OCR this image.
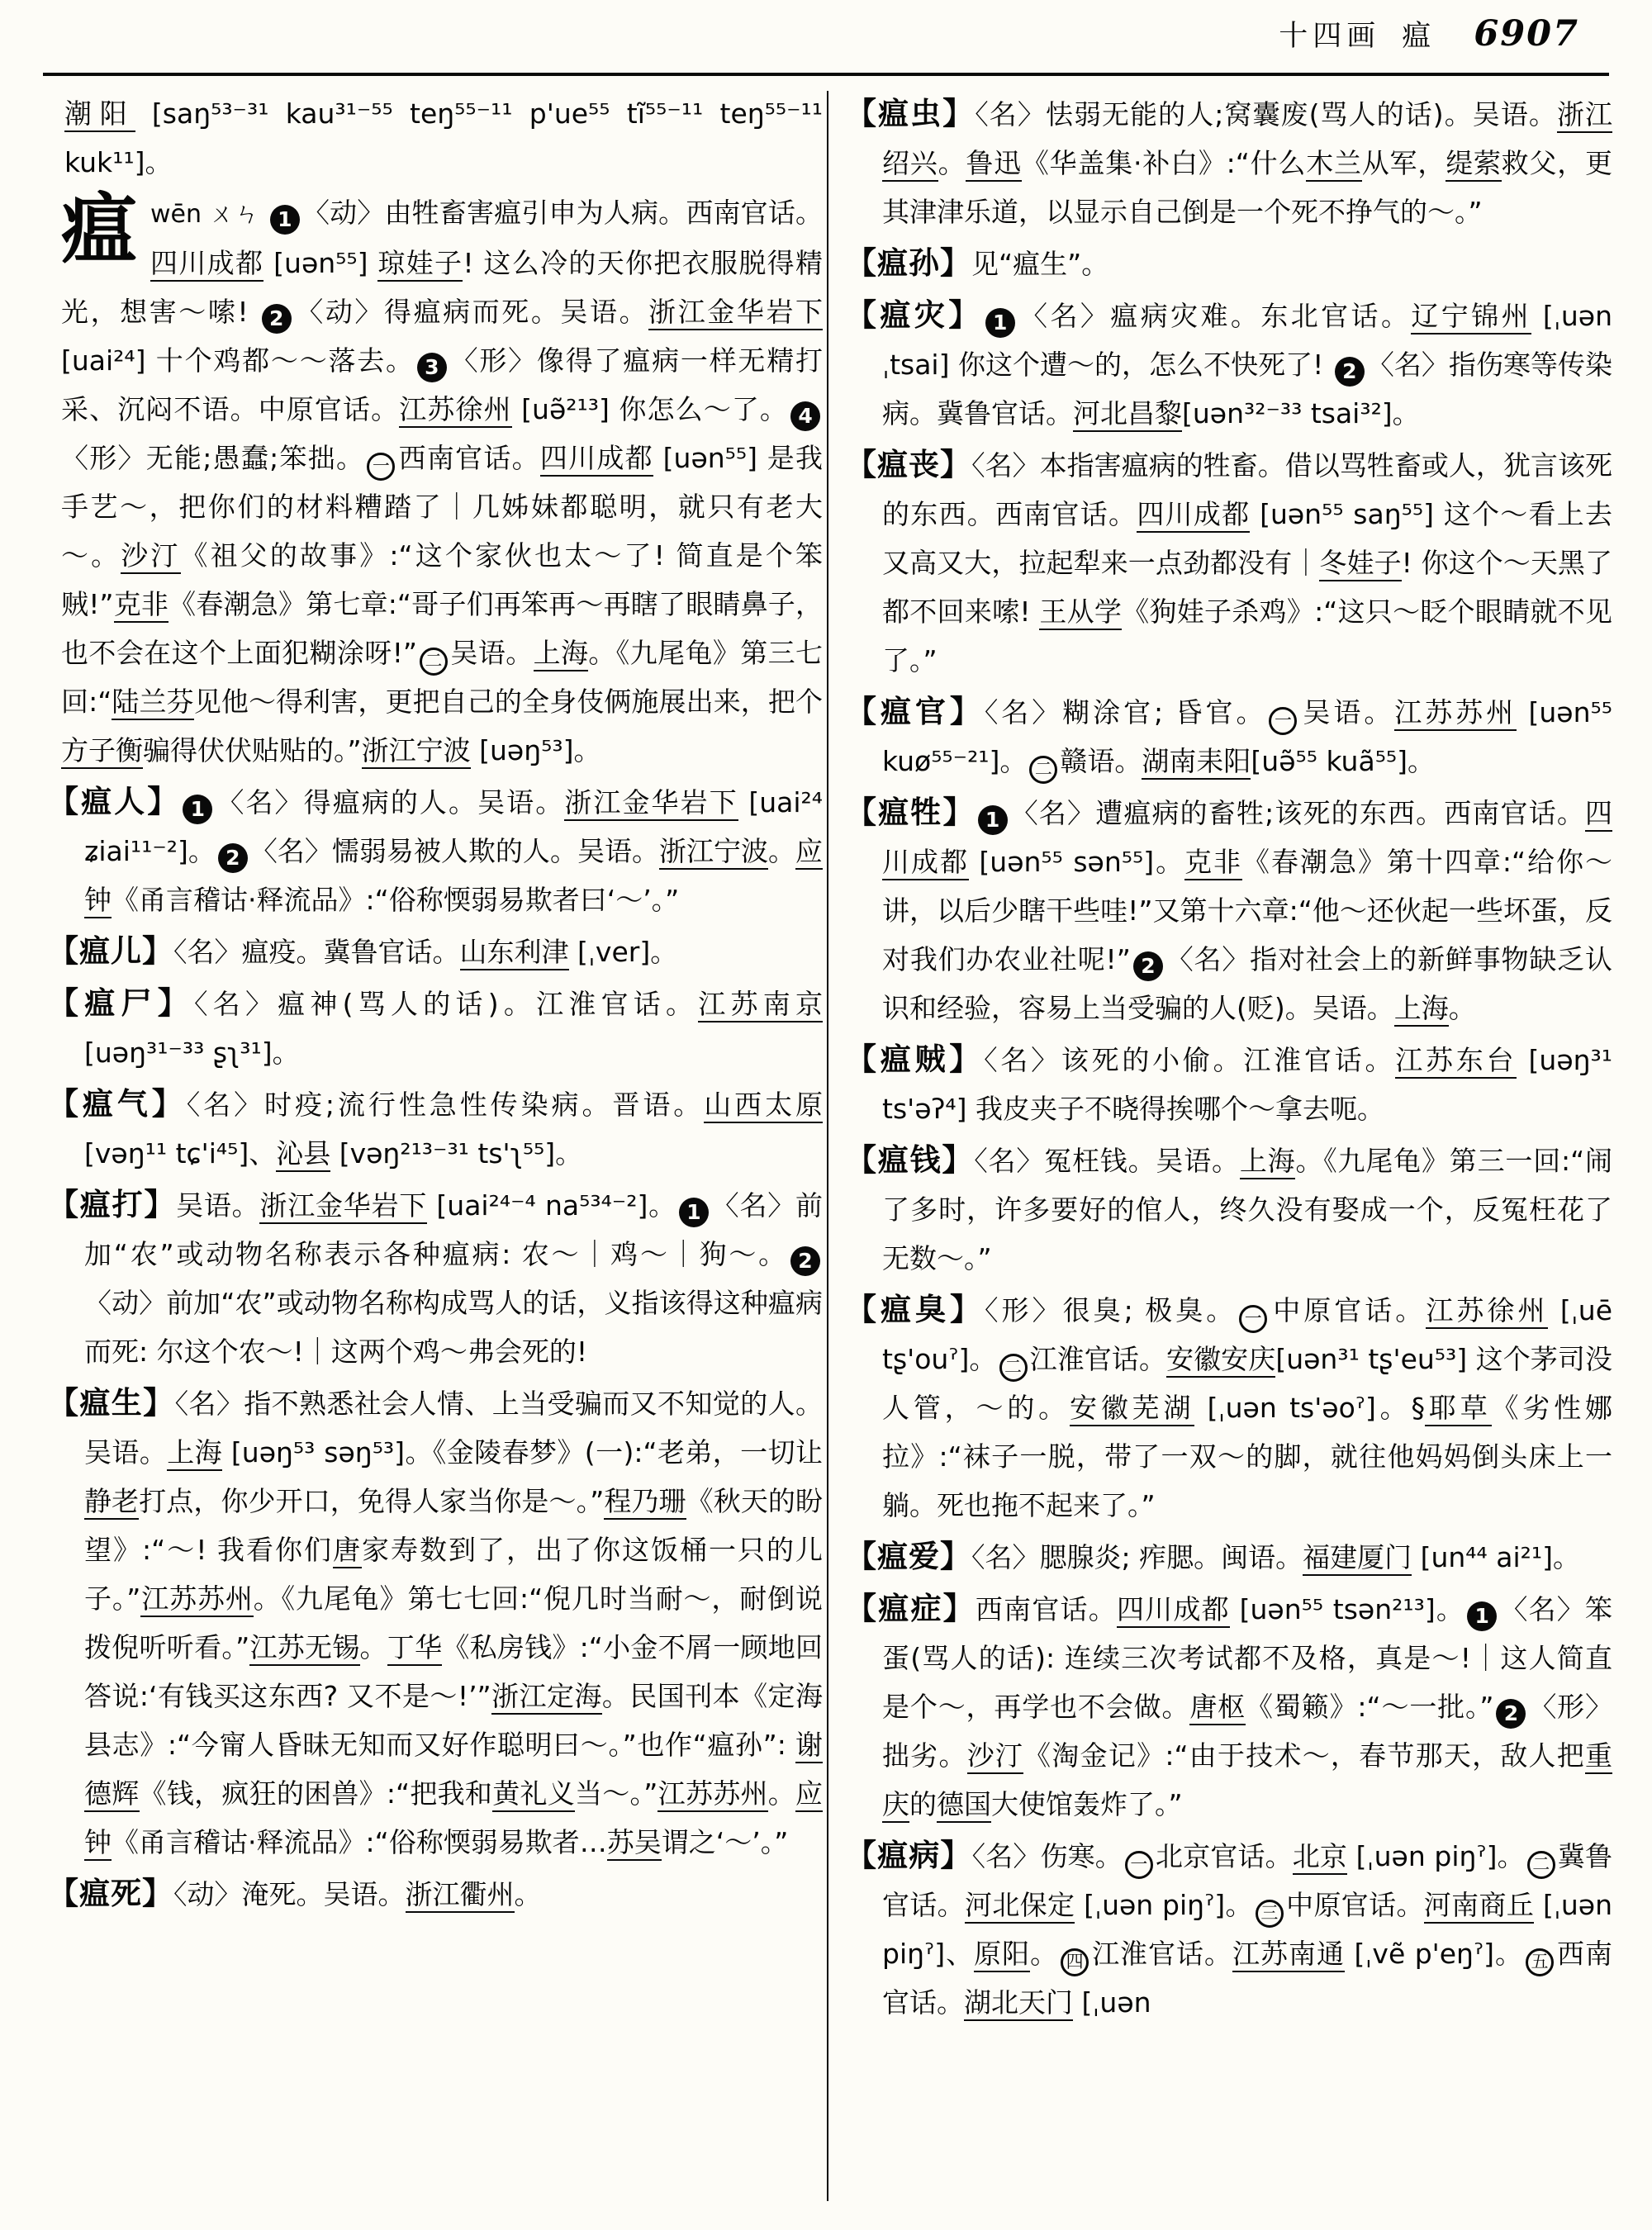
十四画 瘟 6907

潮阳 [saŋ⁵³⁻³¹ kau³¹⁻⁵⁵ teŋ⁵⁵⁻¹¹ p'ue⁵⁵ tĩ⁵⁵⁻¹¹ teŋ⁵⁵⁻¹¹ kuk¹¹]。

瘟wēn ㄨㄣ 1 〈动〉由牲畜害瘟引申为人病。西南官话。四川成都 [uən⁵⁵] 琼娃子! 这么冷的天你把衣服脱得精光，想害～嗦! 2 〈动〉得瘟病而死。吴语。浙江金华岩下 [uai²⁴] 十个鸡都～～落去。 3 〈形〉像得了瘟病一样无精打采、沉闷不语。中原官话。江苏徐州 [uə̃²¹³] 你怎么～了。 4〈形〉无能;愚蠢;笨拙。 一 西南官话。四川成都 [uən⁵⁵] 是我手艺～，把你们的材料糟踏了｜几姊妹都聪明，就只有老大～。沙汀《祖父的故事》:“这个家伙也太～了! 简直是个笨贼!”克非《春潮急》第七章:“哥子们再笨再～再瞎了眼睛鼻子，也不会在这个上面犯糊涂呀!” 二 吴语。上海。《九尾龟》第三七回:“陆兰芬见他～得利害，更把自己的全身伎俩施展出来，把个方子衡骗得伏伏贴贴的。”浙江宁波 [uəŋ⁵³]。

【瘟人】 1 〈名〉得瘟病的人。吴语。浙江金华岩下 [uai²⁴ ʑiai¹¹⁻²]。 2 〈名〉懦弱易被人欺的人。吴语。浙江宁波。应钟《甬言稽诂·释流品》:“俗称愞弱易欺者曰‘～’。”

【瘟儿】〈名〉瘟疫。冀鲁官话。山东利津 [ˌver]。

【瘟尸】〈名〉瘟神(骂人的话)。江淮官话。江苏南京 [uəŋ³¹⁻³³ ʂʅ³¹]。

【瘟气】〈名〉时疫;流行性急性传染病。晋语。山西太原 [vəŋ¹¹ tɕ'i⁴⁵]、沁县 [vəŋ²¹³⁻³¹ ts'ʅ⁵⁵]。

【瘟打】吴语。浙江金华岩下 [uai²⁴⁻⁴ na⁵³⁴⁻²]。 1 〈名〉前加“农”或动物名称表示各种瘟病: 农～｜鸡～｜狗～。 2〈动〉前加“农”或动物名称构成骂人的话，义指该得这种瘟病而死: 尔这个农～!｜这两个鸡～弗会死的!

【瘟生】〈名〉指不熟悉社会人情、上当受骗而又不知觉的人。吴语。上海 [uəŋ⁵³ səŋ⁵³]。《金陵春梦》(一):“老弟，一切让静老打点，你少开口，免得人家当你是～。”程乃珊《秋天的盼望》:“～! 我看你们唐家寿数到了，出了你这饭桶一只的儿子。”江苏苏州。《九尾龟》第七七回:“倪几时当耐～，耐倒说拨倪听听看。”江苏无锡。丁华《私房钱》:“小金不屑一顾地回答说:‘有钱买这东西? 又不是～!’”浙江定海。民国刊本《定海县志》:“今甯人昏昧无知而又好作聪明曰～。”也作“瘟孙”: 谢德辉《钱，疯狂的困兽》:“把我和黄礼义当～。”江苏苏州。应钟《甬言稽诂·释流品》:“俗称愞弱易欺者…苏吴谓之‘～’。”

【瘟死】〈动〉淹死。吴语。浙江衢州。

【瘟虫】〈名〉怯弱无能的人;窝囊废(骂人的话)。吴语。浙江绍兴。鲁迅《华盖集·补白》:“什么木兰从军，缇萦救父，更其津津乐道，以显示自己倒是一个死不挣气的～。”

【瘟孙】见“瘟生”。

【瘟灾】 1 〈名〉瘟病灾难。东北官话。辽宁锦州 [ˌuən ˌtsai] 你这个遭～的，怎么不快死了! 2 〈名〉指伤寒等传染病。冀鲁官话。河北昌黎[uən³²⁻³³ tsai³²]。

【瘟丧】〈名〉本指害瘟病的牲畜。借以骂牲畜或人，犹言该死的东西。西南官话。四川成都 [uən⁵⁵ saŋ⁵⁵] 这个～看上去又高又大，拉起犁来一点劲都没有｜冬娃子! 你这个～天黑了都不回来嗦! 王从学《狗娃子杀鸡》:“这只～眨个眼睛就不见了。”

【瘟官】〈名〉糊涂官; 昏官。 一 吴语。江苏苏州 [uən⁵⁵ kuø⁵⁵⁻²¹]。 二 赣语。湖南耒阳[uə̃⁵⁵ kuã⁵⁵]。

【瘟牲】 1 〈名〉遭瘟病的畜牲;该死的东西。西南官话。四川成都 [uən⁵⁵ sən⁵⁵]。克非《春潮急》第十四章:“给你～讲，以后少瞎干些哇!”又第十六章:“他～还伙起一些坏蛋，反对我们办农业社呢!” 2 〈名〉指对社会上的新鲜事物缺乏认识和经验，容易上当受骗的人(贬)。吴语。上海。

【瘟贼】〈名〉该死的小偷。江淮官话。江苏东台 [uəŋ³¹ ts'əʔ⁴] 我皮夹子不晓得挨哪个～拿去呃。

【瘟钱】〈名〉冤枉钱。吴语。上海。《九尾龟》第三一回:“闹了多时，许多要好的倌人，终久没有娶成一个，反冤枉花了无数～。”

【瘟臭】〈形〉很臭; 极臭。 一 中原官话。江苏徐州 [ˌuē tʂ'ouˀ]。 二 江淮官话。安徽安庆[uən³¹ tʂ'eu⁵³] 这个茅司没人管，～的。安徽芜湖 [ˌuən ts'əoˀ]。§耶草《劣性娜拉》:“袜子一脱，带了一双～的脚，就往他妈妈倒头床上一躺。死也拖不起来了。”

【瘟爱】〈名〉腮腺炎; 痄腮。闽语。福建厦门 [un⁴⁴ ai²¹]。

【瘟症】西南官话。四川成都 [uən⁵⁵ tsən²¹³]。 1 〈名〉笨蛋(骂人的话): 连续三次考试都不及格，真是～!｜这人简直是个～，再学也不会做。唐枢《蜀籁》:“～一批。” 2 〈形〉拙劣。沙汀《淘金记》:“由于技术～，春节那天，敌人把重庆的德国大使馆轰炸了。”

【瘟病】〈名〉伤寒。 一 北京官话。北京 [ˌuən piŋˀ]。 二 冀鲁官话。河北保定 [ˌuən piŋˀ]。 三 中原官话。河南商丘 [ˌuən piŋˀ]、原阳。 四 江淮官话。江苏南通 [ˌvẽ p'eŋˀ]。 五 西南官话。湖北天门 [ˌuən
